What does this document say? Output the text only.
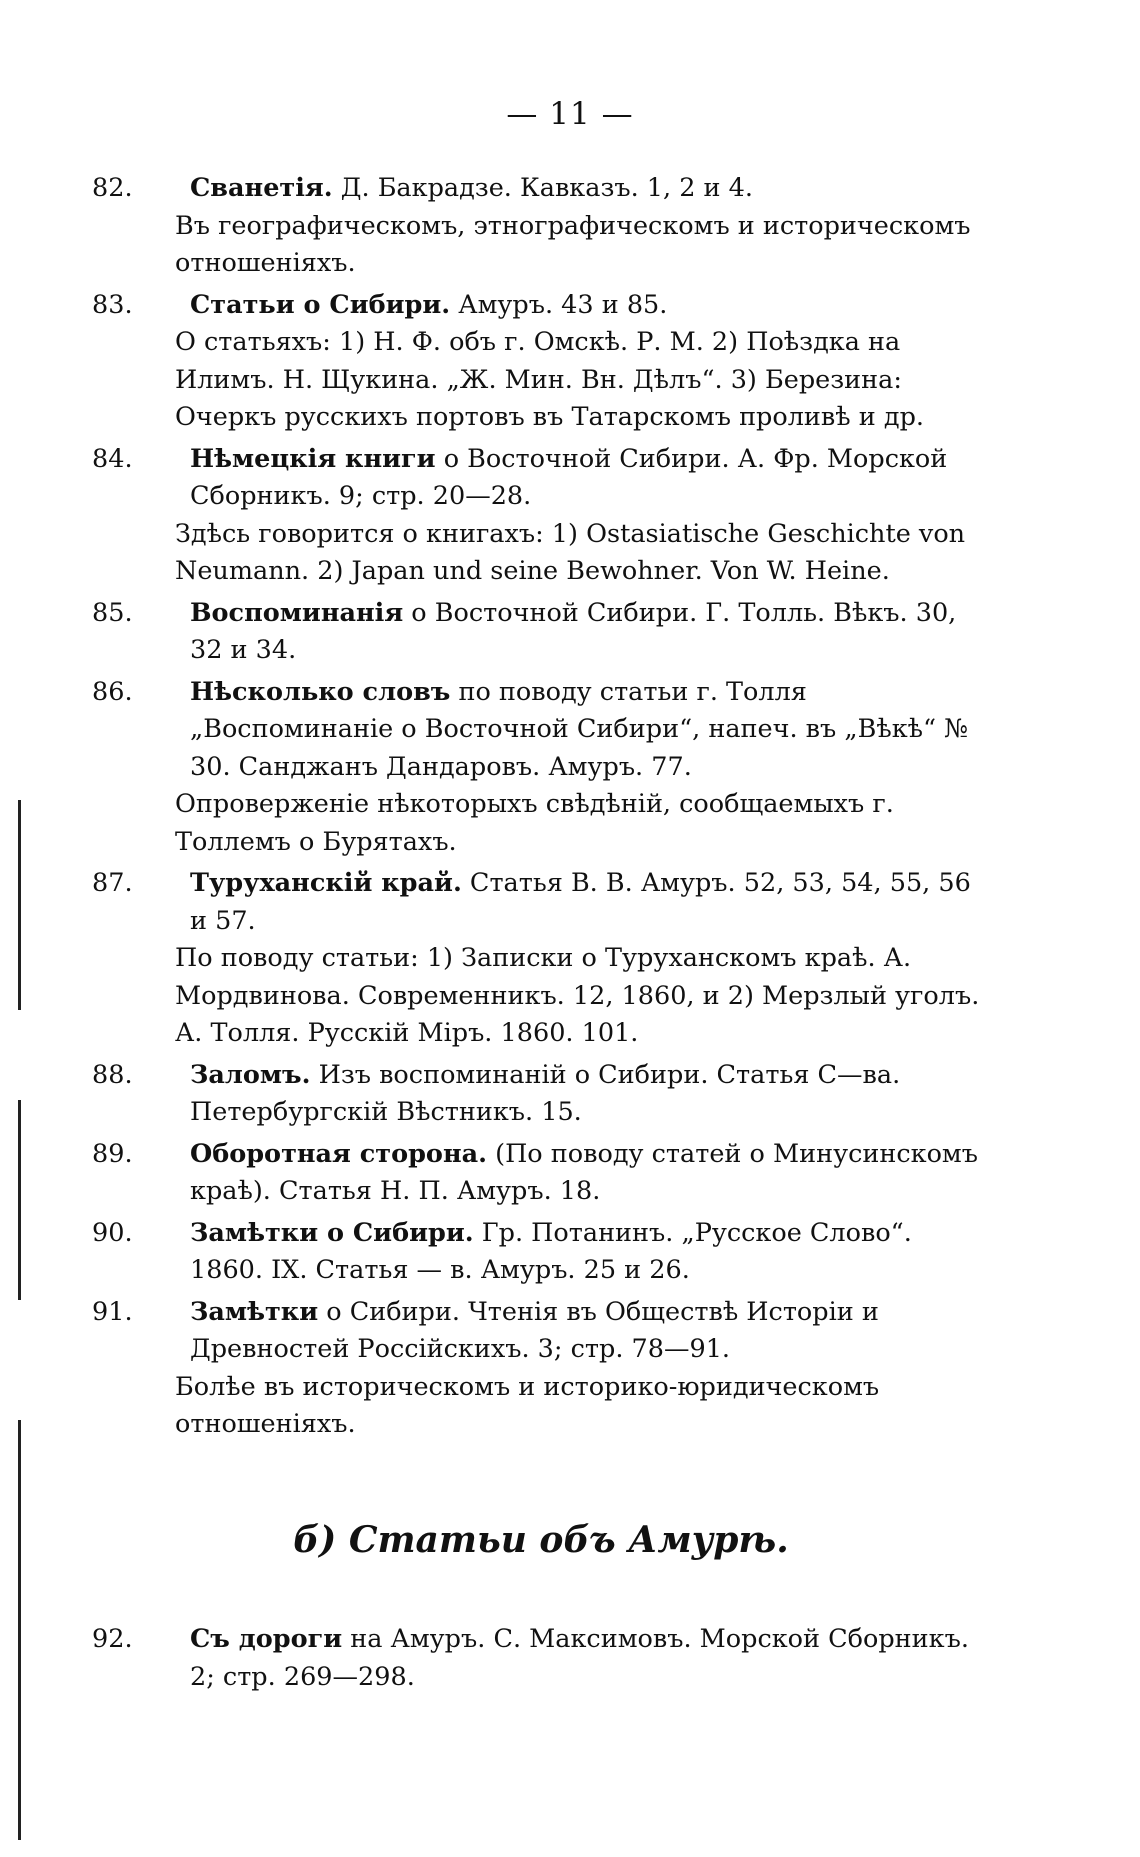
— 11 —
82. Сванетія. Д. Бакрадзе. Кавказъ. 1, 2 и 4.
Въ географическомъ, этнографическомъ и историческомъ отношеніяхъ.
83. Статьи о Сибири. Амуръ. 43 и 85.
О статьяхъ: 1) Н. Ф. объ г. Омскѣ. Р. М. 2) Поѣздка на Илимъ. Н. Щукина. „Ж. Мин. Вн. Дѣлъ“. 3) Березина: Очеркъ русскихъ портовъ въ Татарскомъ проливѣ и др.
84. Нѣмецкія книги о Восточной Сибири. А. Фр. Морской Сборникъ. 9; стр. 20—28.
Здѣсь говорится о книгахъ: 1) Ostasiatische Geschichte von Neumann. 2) Japan und seine Bewohner. Von W. Heine.
85. Воспоминанія о Восточной Сибири. Г. Толль. Вѣкъ. 30, 32 и 34.
86. Нѣсколько словъ по поводу статьи г. Толля „Воспоминаніе о Восточной Сибири“, напеч. въ „Вѣкѣ“ № 30. Санджанъ Дандаровъ. Амуръ. 77.
Опроверженіе нѣкоторыхъ свѣдѣній, сообщаемыхъ г. Толлемъ о Бурятахъ.
87. Туруханскій край. Статья В. В. Амуръ. 52, 53, 54, 55, 56 и 57.
По поводу статьи: 1) Записки о Туруханскомъ краѣ. А. Мордвинова. Современникъ. 12, 1860, и 2) Мерзлый уголъ. А. Толля. Русскій Міръ. 1860. 101.
88. Заломъ. Изъ воспоминаній о Сибири. Статья С—ва. Петербургскій Вѣстникъ. 15.
89. Оборотная сторона. (По поводу статей о Минусинскомъ краѣ). Статья Н. П. Амуръ. 18.
90. Замѣтки о Сибири. Гр. Потанинъ. „Русское Слово“. 1860. IX. Статья — в. Амуръ. 25 и 26.
91. Замѣтки о Сибири. Чтенія въ Обществѣ Исторіи и Древностей Россійскихъ. 3; стр. 78—91.
Болѣе въ историческомъ и историко-юридическомъ отношеніяхъ.
б) Статьи объ Амурѣ.
92. Съ дороги на Амуръ. С. Максимовъ. Морской Сборникъ. 2; стр. 269—298.
